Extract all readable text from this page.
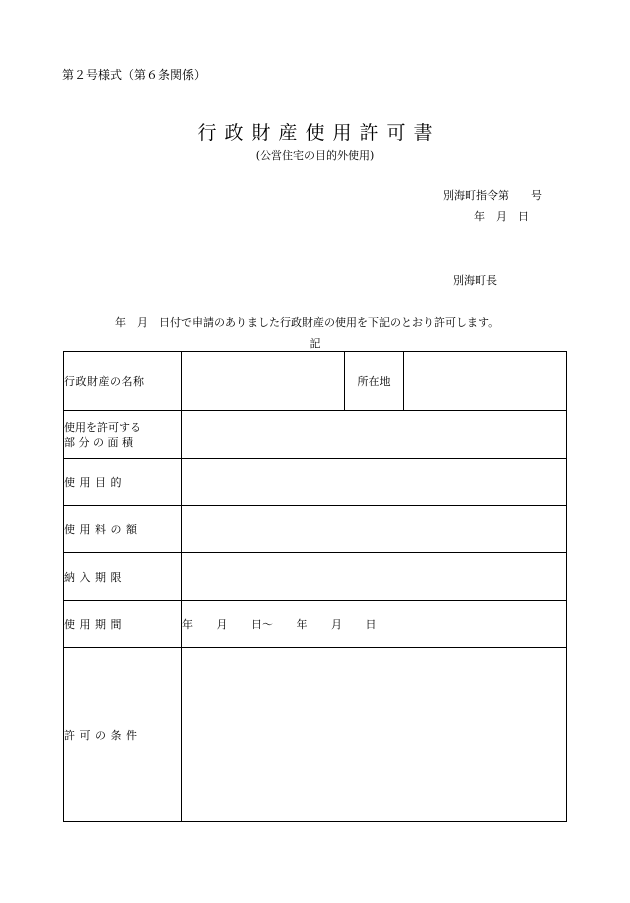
第２号様式（第６条関係）
行政財産使用許可書
(公営住宅の目的外使用)
別海町指令第　　号
年　月　日
別海町長
年　月　日付で申請のありました行政財産の使用を下記のとおり許可します。
記
行政財産の名称		所在地	

使用を許可する
部 分 の 面 積			

使 用 目 的			
使 用 料 の 額			
納 入 期 限			
使 用 期 間	年 月 日～ 年 月 日		
許 可 の 条 件			
